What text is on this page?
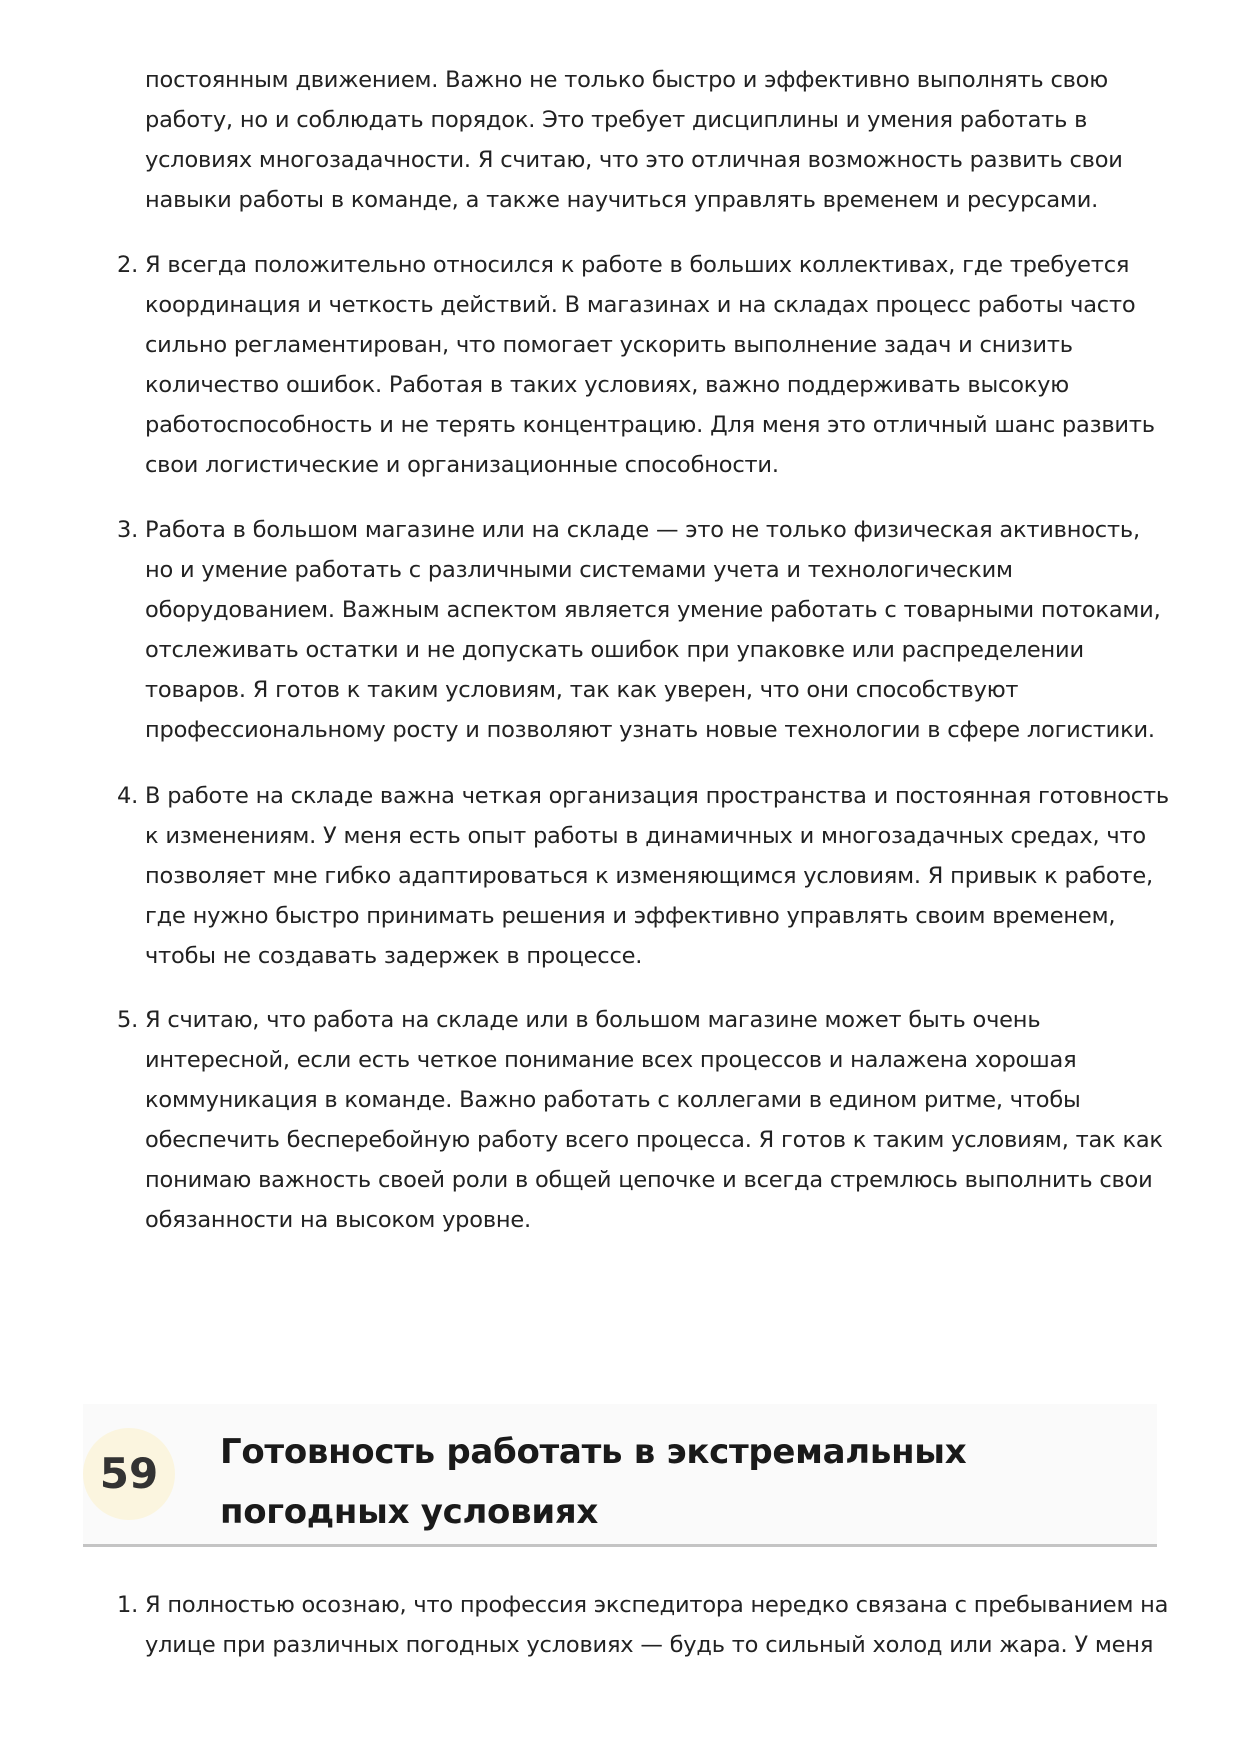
постоянным движением. Важно не только быстро и эффективно выполнять свою работу, но и соблюдать порядок. Это требует дисциплины и умения работать в условиях многозадачности. Я считаю, что это отличная возможность развить свои навыки работы в команде, а также научиться управлять временем и ресурсами.

2. Я всегда положительно относился к работе в больших коллективах, где требуется координация и четкость действий. В магазинах и на складах процесс работы часто сильно регламентирован, что помогает ускорить выполнение задач и снизить количество ошибок. Работая в таких условиях, важно поддерживать высокую работоспособность и не терять концентрацию. Для меня это отличный шанс развить свои логистические и организационные способности.
3. Работа в большом магазине или на складе — это не только физическая активность, но и умение работать с различными системами учета и технологическим оборудованием. Важным аспектом является умение работать с товарными потоками, отслеживать остатки и не допускать ошибок при упаковке или распределении товаров. Я готов к таким условиям, так как уверен, что они способствуют профессиональному росту и позволяют узнать новые технологии в сфере логистики.
4. В работе на складе важна четкая организация пространства и постоянная готовность к изменениям. У меня есть опыт работы в динамичных и многозадачных средах, что позволяет мне гибко адаптироваться к изменяющимся условиям. Я привык к работе, где нужно быстро принимать решения и эффективно управлять своим временем, чтобы не создавать задержек в процессе.
5. Я считаю, что работа на складе или в большом магазине может быть очень интересной, если есть четкое понимание всех процессов и налажена хорошая коммуникация в команде. Важно работать с коллегами в едином ритме, чтобы обеспечить бесперебойную работу всего процесса. Я готов к таким условиям, так как понимаю важность своей роли в общей цепочке и всегда стремлюсь выполнить свои обязанности на высоком уровне.
59	Готовность работать в экстремальных погодных условиях
1. Я полностью осознаю, что профессия экспедитора нередко связана с пребыванием на улице при различных погодных условиях — будь то сильный холод или жара. У меня
